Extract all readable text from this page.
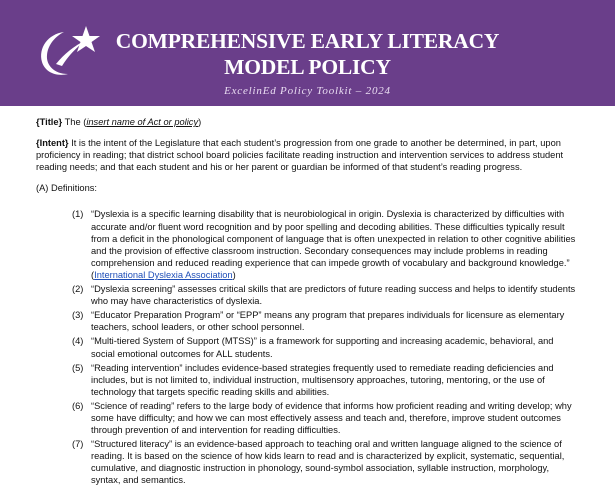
COMPREHENSIVE EARLY LITERACY
MODEL POLICY

ExcelinEd Policy Toolkit – 2024

{Title} The (insert name of Act or policy)

{Intent} It is the intent of the Legislature that each student’s progression from one grade to another be determined, in part, upon proficiency in reading; that district school board policies facilitate reading instruction and intervention services to address student reading needs; and that each student and his or her parent or guardian be informed of that student’s reading progress.

(A) Definitions:

(1) “Dyslexia is a specific learning disability that is neurobiological in origin. Dyslexia is characterized by difficulties with accurate and/or fluent word recognition and by poor spelling and decoding abilities. These difficulties typically result from a deficit in the phonological component of language that is often unexpected in relation to other cognitive abilities and the provision of effective classroom instruction. Secondary consequences may include problems in reading comprehension and reduced reading experience that can impede growth of vocabulary and background knowledge.” (International Dyslexia Association)
(2) “Dyslexia screening” assesses critical skills that are predictors of future reading success and helps to identify students who may have characteristics of dyslexia.
(3) “Educator Preparation Program” or “EPP” means any program that prepares individuals for licensure as elementary teachers, school leaders, or other school personnel.
(4) “Multi-tiered System of Support (MTSS)” is a framework for supporting and increasing academic, behavioral, and social emotional outcomes for ALL students.
(5) “Reading intervention” includes evidence-based strategies frequently used to remediate reading deficiencies and includes, but is not limited to, individual instruction, multisensory approaches, tutoring, mentoring, or the use of technology that targets specific reading skills and abilities.
(6) “Science of reading” refers to the large body of evidence that informs how proficient reading and writing develop; why some have difficulty; and how we can most effectively assess and teach and, therefore, improve student outcomes through prevention of and intervention for reading difficulties.
(7) “Structured literacy” is an evidence-based approach to teaching oral and written language aligned to the science of reading. It is based on the science of how kids learn to read and is characterized by explicit, systematic, sequential, cumulative, and diagnostic instruction in phonology, sound-symbol association, syllable instruction, morphology, syntax, and semantics.
